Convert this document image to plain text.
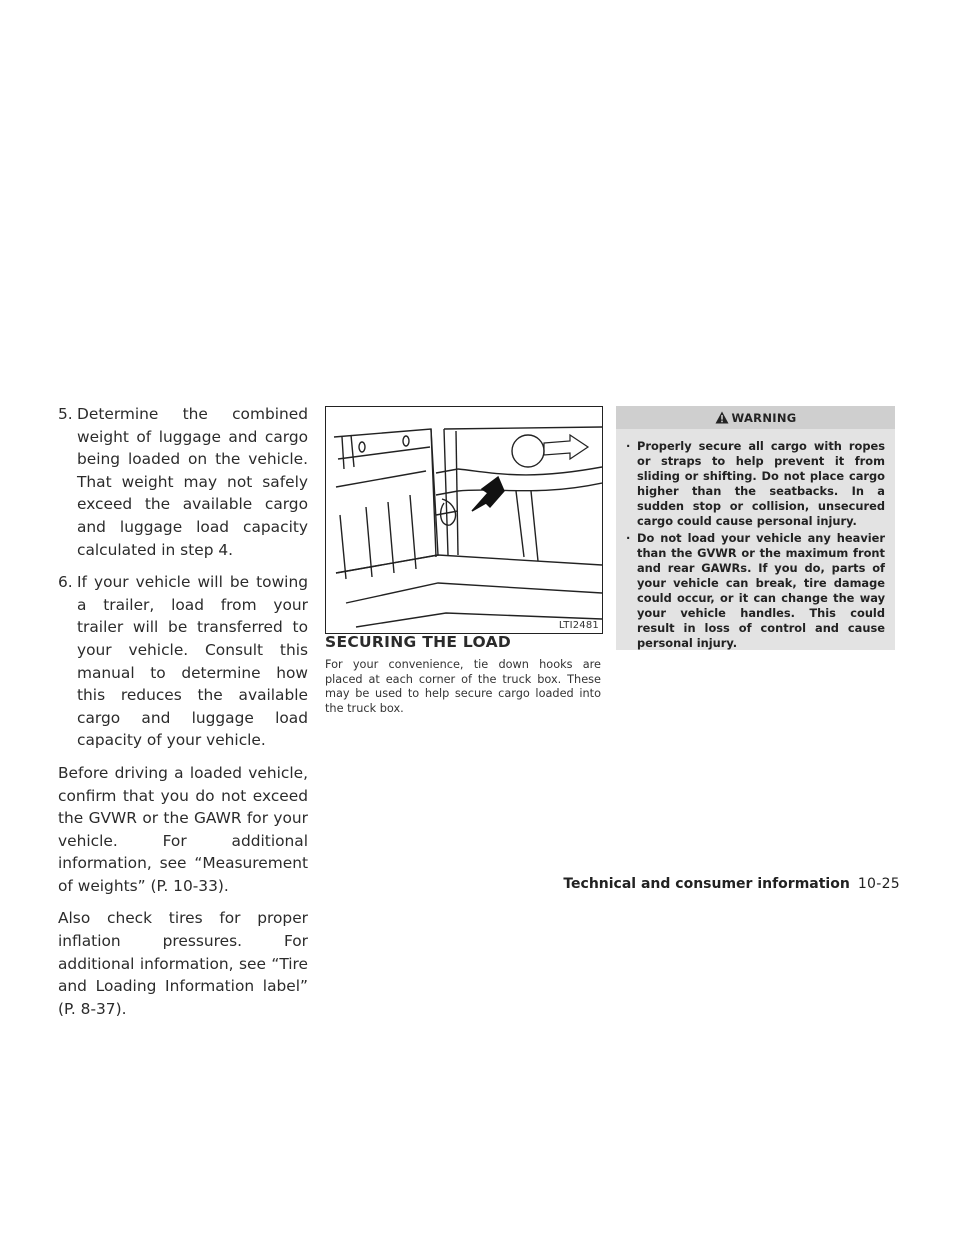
5. Determine the combined weight of luggage and cargo being loaded on the vehicle. That weight may not safely exceed the available cargo and luggage load capacity calculated in step 4.
6. If your vehicle will be towing a trailer, load from your trailer will be transferred to your vehicle. Consult this manual to determine how this reduces the available cargo and luggage load capacity of your vehicle.

Before driving a loaded vehicle, confirm that you do not exceed the GVWR or the GAWR for your vehicle. For additional information, see “Measurement of weights” (P. 10-33).

Also check tires for proper inflation pressures. For additional information, see “Tire and Loading Information label” (P. 8-37).

LTI2481
SECURING THE LOAD

For your convenience, tie down hooks are placed at each corner of the truck box. These may be used to help secure cargo loaded into the truck box.

WARNING
· Properly secure all cargo with ropes or straps to help prevent it from sliding or shifting. Do not place cargo higher than the seatbacks. In a sudden stop or collision, unsecured cargo could cause personal injury.
· Do not load your vehicle any heavier than the GVWR or the maximum front and rear GAWRs. If you do, parts of your vehicle can break, tire damage could occur, or it can change the way your vehicle handles. This could result in loss of control and cause personal injury.
Technical and consumer information 10-25
